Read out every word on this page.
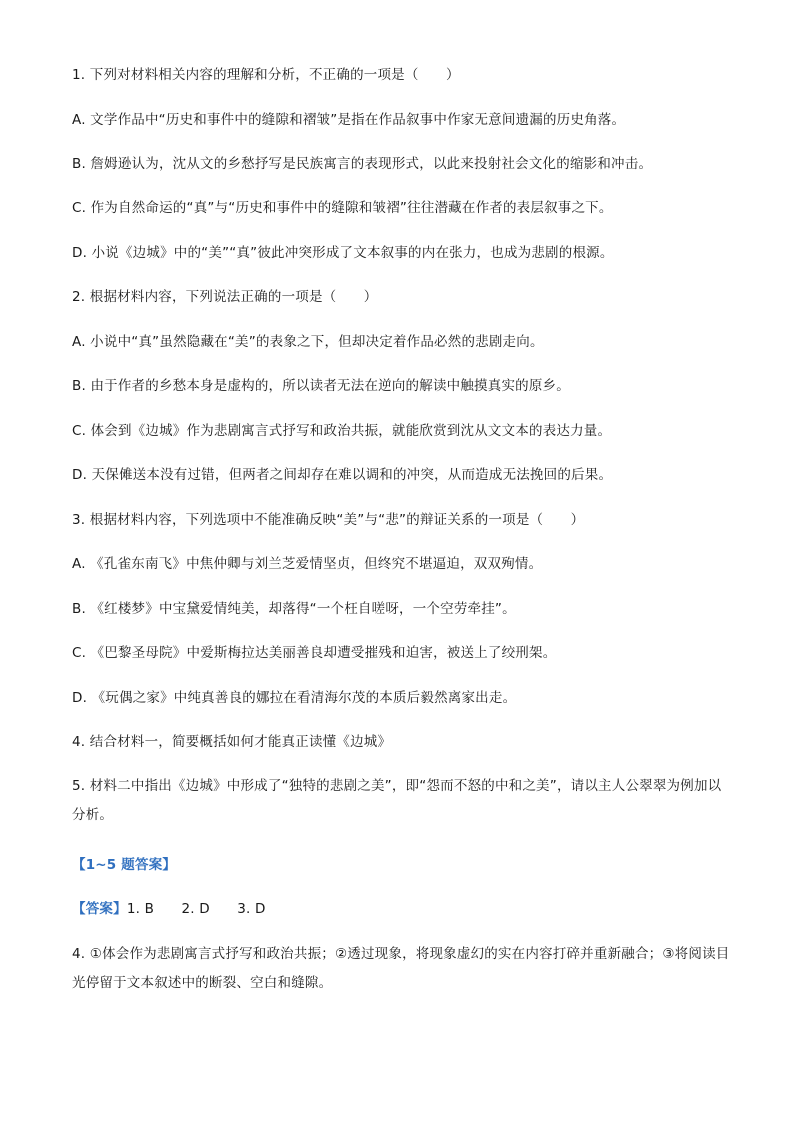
1. 下列对材料相关内容的理解和分析，不正确的一项是（　　）
A. 文学作品中“历史和事件中的缝隙和褶皱”是指在作品叙事中作家无意间遗漏的历史角落。
B. 詹姆逊认为，沈从文的乡愁抒写是民族寓言的表现形式，以此来投射社会文化的缩影和冲击。
C. 作为自然命运的“真”与“历史和事件中的缝隙和皱褶”往往潜藏在作者的表层叙事之下。
D. 小说《边城》中的“美”“真”彼此冲突形成了文本叙事的内在张力，也成为悲剧的根源。
2. 根据材料内容，下列说法正确的一项是（　　）
A. 小说中“真”虽然隐藏在“美”的表象之下，但却决定着作品必然的悲剧走向。
B. 由于作者的乡愁本身是虚构的，所以读者无法在逆向的解读中触摸真实的原乡。
C. 体会到《边城》作为悲剧寓言式抒写和政治共振，就能欣赏到沈从文文本的表达力量。
D. 天保傩送本没有过错，但两者之间却存在难以调和的冲突，从而造成无法挽回的后果。
3. 根据材料内容，下列选项中不能准确反映“美”与“悲”的辩证关系的一项是（　　）
A. 《孔雀东南飞》中焦仲卿与刘兰芝爱情坚贞，但终究不堪逼迫，双双殉情。
B. 《红楼梦》中宝黛爱情纯美，却落得“一个枉自嗟呀，一个空劳牵挂”。
C. 《巴黎圣母院》中爱斯梅拉达美丽善良却遭受摧残和迫害，被送上了绞刑架。
D. 《玩偶之家》中纯真善良的娜拉在看清海尔茂的本质后毅然离家出走。
4. 结合材料一，简要概括如何才能真正读懂《边城》
5. 材料二中指出《边城》中形成了“独特的悲剧之美”，即“怨而不怒的中和之美”，请以主人公翠翠为例加以分析。
【1~5 题答案】
【答案】1. B　　2. D　　3. D
4. ①体会作为悲剧寓言式抒写和政治共振；②透过现象，将现象虚幻的实在内容打碎并重新融合；③将阅读目光停留于文本叙述中的断裂、空白和缝隙。
